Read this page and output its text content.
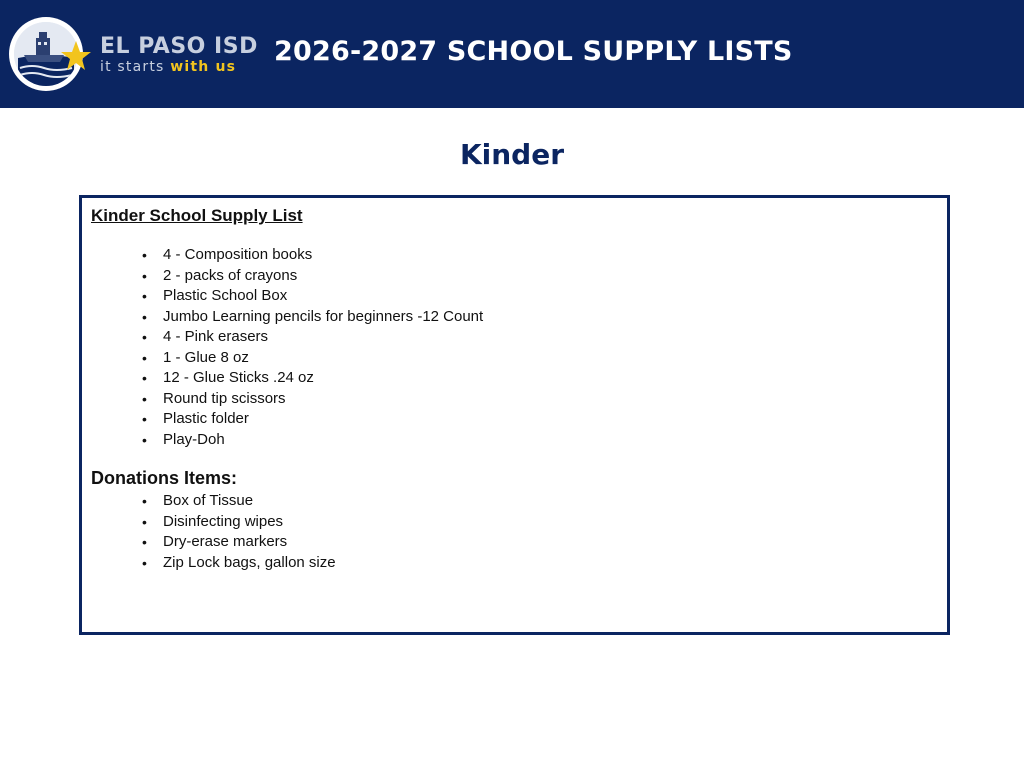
EL PASO ISD
it starts with us 2026-2027 SCHOOL SUPPLY LISTS
Kinder
Kinder School Supply List
• 4 - Composition books
• 2 - packs of crayons
• Plastic School Box
• Jumbo Learning pencils for beginners -12 Count
• 4 - Pink erasers
• 1 - Glue 8 oz
• 12 - Glue Sticks .24 oz
• Round tip scissors
• Plastic folder
• Play-Doh
Donations Items:
• Box of Tissue
• Disinfecting wipes
• Dry-erase markers
• Zip Lock bags, gallon size
